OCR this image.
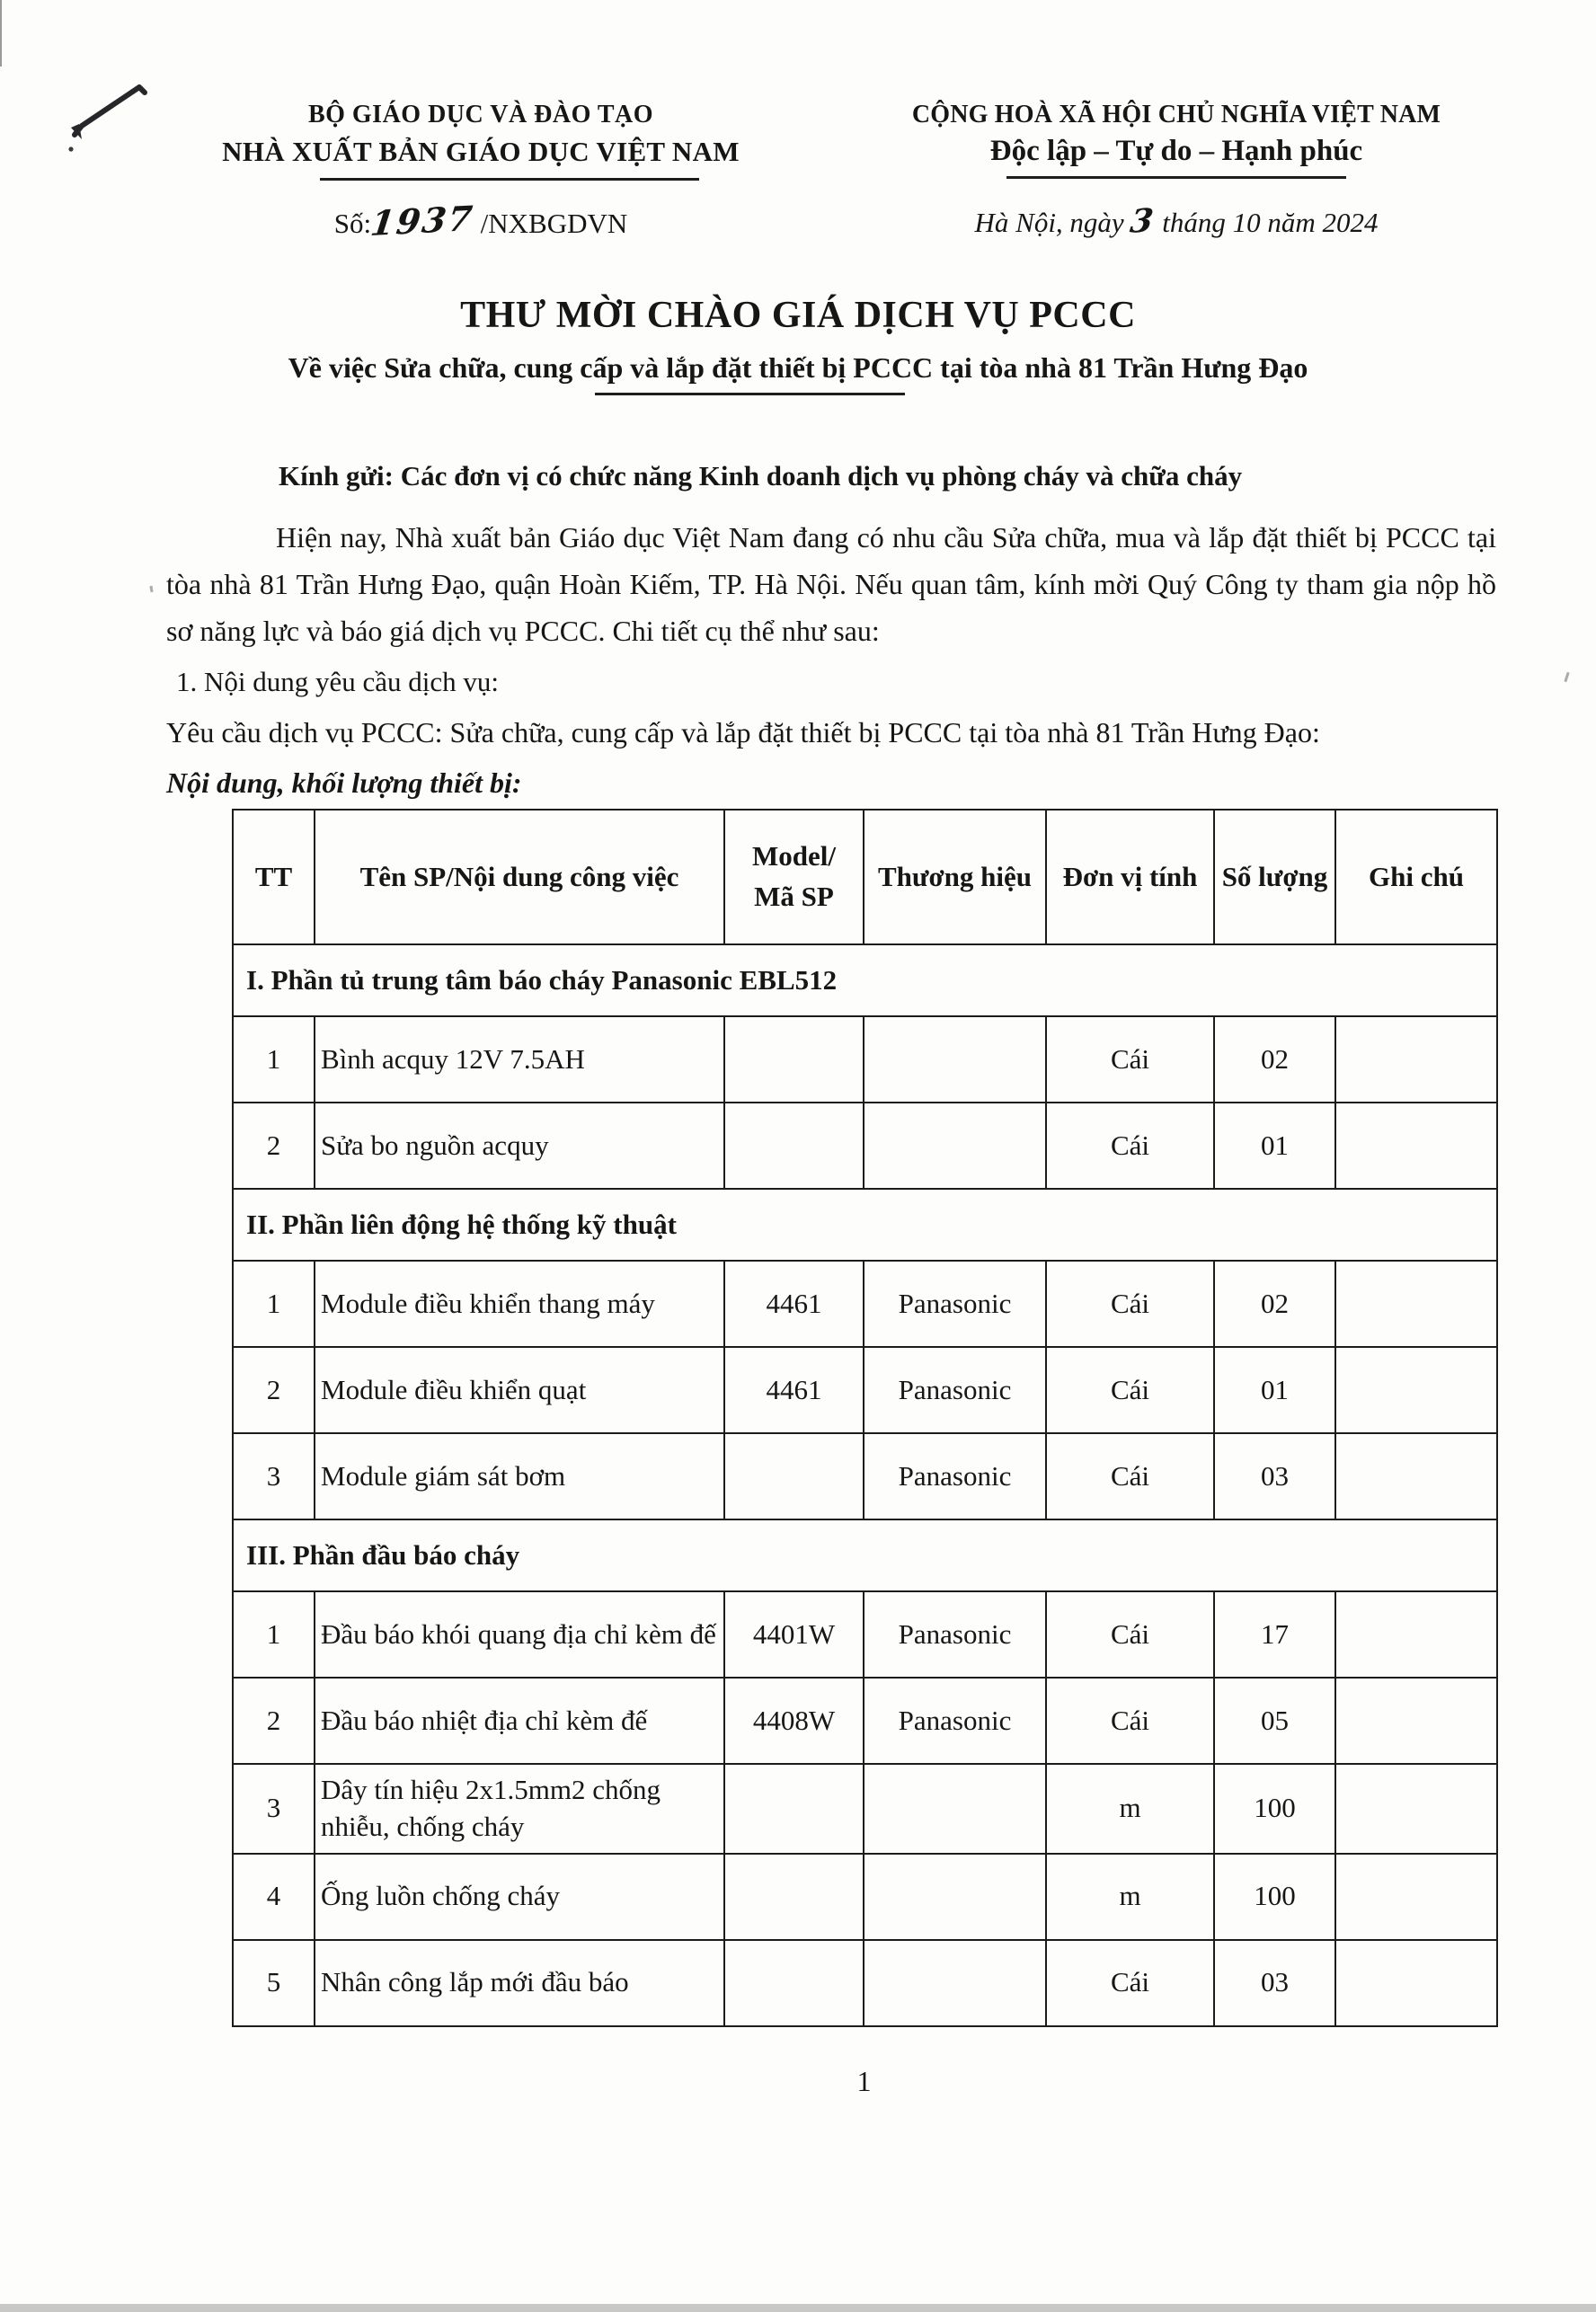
BỘ GIÁO DỤC VÀ ĐÀO TẠO
NHÀ XUẤT BẢN GIÁO DỤC VIỆT NAM
Số:1937 /NXBGDVN
CỘNG HOÀ XÃ HỘI CHỦ NGHĨA VIỆT NAM
Độc lập – Tự do – Hạnh phúc
Hà Nội, ngày 3 tháng 10 năm 2024
THƯ MỜI CHÀO GIÁ DỊCH VỤ PCCC
Về việc Sửa chữa, cung cấp và lắp đặt thiết bị PCCC tại tòa nhà 81 Trần Hưng Đạo
Kính gửi: Các đơn vị có chức năng Kinh doanh dịch vụ phòng cháy và chữa cháy
Hiện nay, Nhà xuất bản Giáo dục Việt Nam đang có nhu cầu Sửa chữa, mua và lắp đặt thiết bị PCCC tại tòa nhà 81 Trần Hưng Đạo, quận Hoàn Kiếm, TP. Hà Nội. Nếu quan tâm, kính mời Quý Công ty tham gia nộp hồ sơ năng lực và báo giá dịch vụ PCCC. Chi tiết cụ thể như sau:
1. Nội dung yêu cầu dịch vụ:
Yêu cầu dịch vụ PCCC: Sửa chữa, cung cấp và lắp đặt thiết bị PCCC tại tòa nhà 81 Trần Hưng Đạo:
Nội dung, khối lượng thiết bị:
TT	Tên SP/Nội dung công việc	Model/ Mã SP	Thương hiệu	Đơn vị tính	Số lượng	Ghi chú
I. Phần tủ trung tâm báo cháy Panasonic EBL512						
1	Bình acquy 12V 7.5AH			Cái	02	
2	Sửa bo nguồn acquy			Cái	01	
II. Phần liên động hệ thống kỹ thuật						
1	Module điều khiển thang máy	4461	Panasonic	Cái	02	
2	Module điều khiển quạt	4461	Panasonic	Cái	01	
3	Module giám sát bơm		Panasonic	Cái	03	
III. Phần đầu báo cháy						
1	Đầu báo khói quang địa chỉ kèm đế	4401W	Panasonic	Cái	17	
2	Đầu báo nhiệt địa chỉ kèm đế	4408W	Panasonic	Cái	05	
3	Dây tín hiệu 2x1.5mm2 chống nhiễu, chống cháy			m	100	
4	Ống luồn chống cháy			m	100	
5	Nhân công lắp mới đầu báo			Cái	03	
1
